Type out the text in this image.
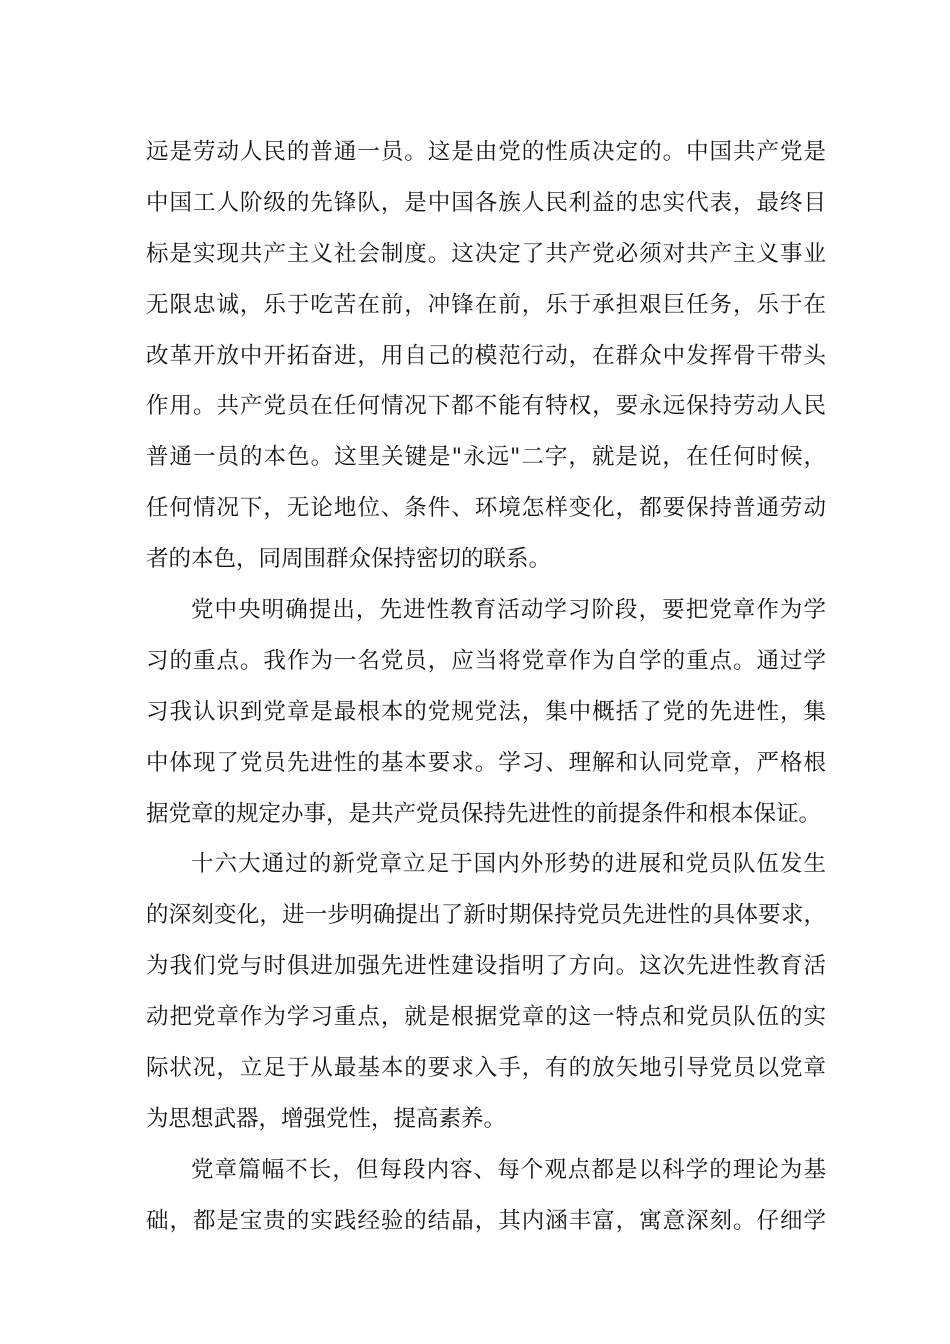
远是劳动人民的普通一员。这是由党的性质决定的。中国共产党是
中国工人阶级的先锋队，是中国各族人民利益的忠实代表，最终目
标是实现共产主义社会制度。这决定了共产党必须对共产主义事业
无限忠诚，乐于吃苦在前，冲锋在前，乐于承担艰巨任务，乐于在
改革开放中开拓奋进，用自己的模范行动，在群众中发挥骨干带头
作用。共产党员在任何情况下都不能有特权，要永远保持劳动人民
普通一员的本色。这里关键是"永远"二字，就是说，在任何时候，
任何情况下，无论地位、条件、环境怎样变化，都要保持普通劳动
者的本色，同周围群众保持密切的联系。
党中央明确提出，先进性教育活动学习阶段，要把党章作为学
习的重点。我作为一名党员，应当将党章作为自学的重点。通过学
习我认识到党章是最根本的党规党法，集中概括了党的先进性，集
中体现了党员先进性的基本要求。学习、理解和认同党章，严格根
据党章的规定办事，是共产党员保持先进性的前提条件和根本保证。
十六大通过的新党章立足于国内外形势的进展和党员队伍发生
的深刻变化，进一步明确提出了新时期保持党员先进性的具体要求，
为我们党与时俱进加强先进性建设指明了方向。这次先进性教育活
动把党章作为学习重点，就是根据党章的这一特点和党员队伍的实
际状况，立足于从最基本的要求入手，有的放矢地引导党员以党章
为思想武器，增强党性，提高素养。
党章篇幅不长，但每段内容、每个观点都是以科学的理论为基
础，都是宝贵的实践经验的结晶，其内涵丰富，寓意深刻。仔细学
